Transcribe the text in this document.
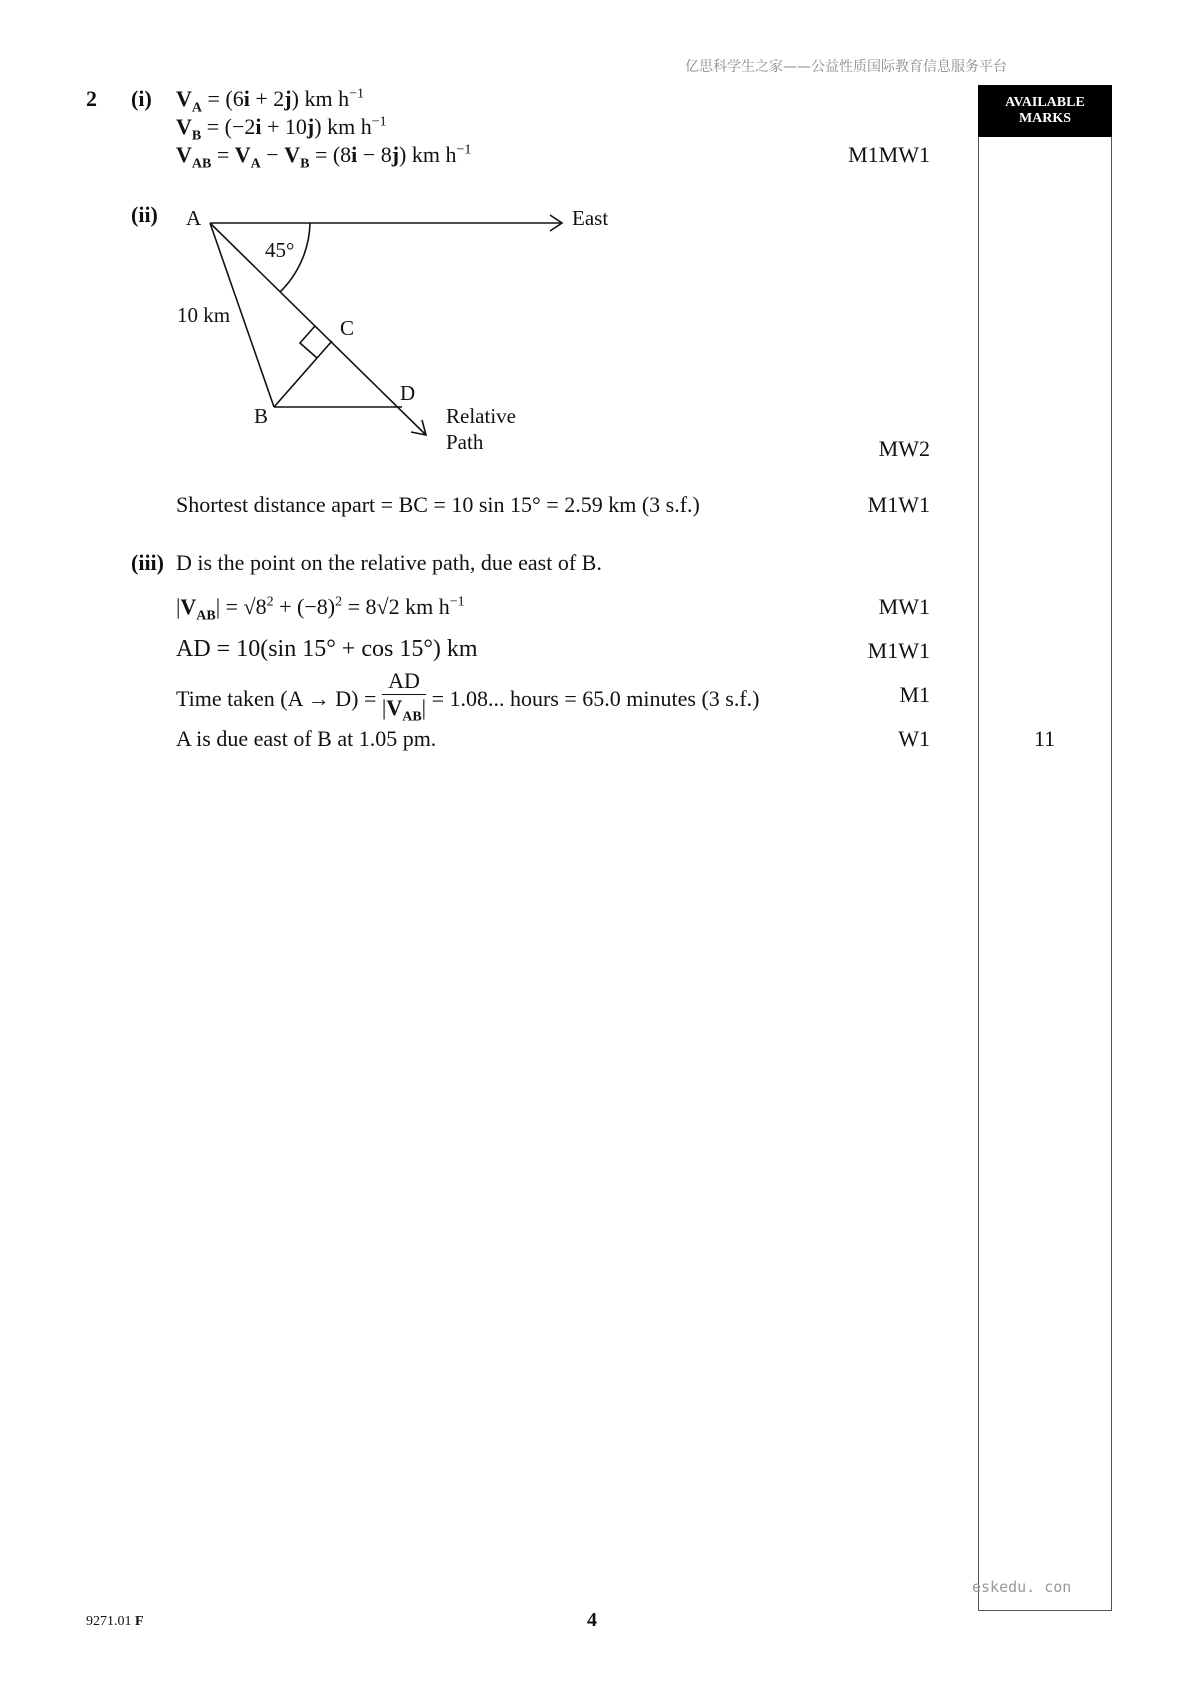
亿思科学生之家——公益性质国际教育信息服务平台
AVAILABLE
MARKS
11
2 (i) $V_A = (6i + 2j)$ km $h^{-1}$
$V_B = (-2i + 10j)$ km $h^{-1}$
$V_{AB} = V_A - V_B = (8i - 8j)$ km $h^{-1}$	M1MW1
(ii) A	East
45°
10 km
C
D
B	Relative
Path	MW2
Shortest distance apart = BC = 10 sin 15° = 2.59 km (3 s.f.)	M1W1
(iii) D is the point on the relative path, due east of B.
$|V_{AB}| = √8^2 + (-8)^2 = 8√2$ km $h^{-1}$	MW1
AD = 10(sin 15° + cos 15°) km	M1W1
Time taken $(A \to D) = \frac{AD}{|V_{AB}|} = 1.08$... hours = 65.0 minutes (3 s.f.)	M1
A is due east of B at 1.05 pm.	W1
eskedu. con
9271.01 F	4
